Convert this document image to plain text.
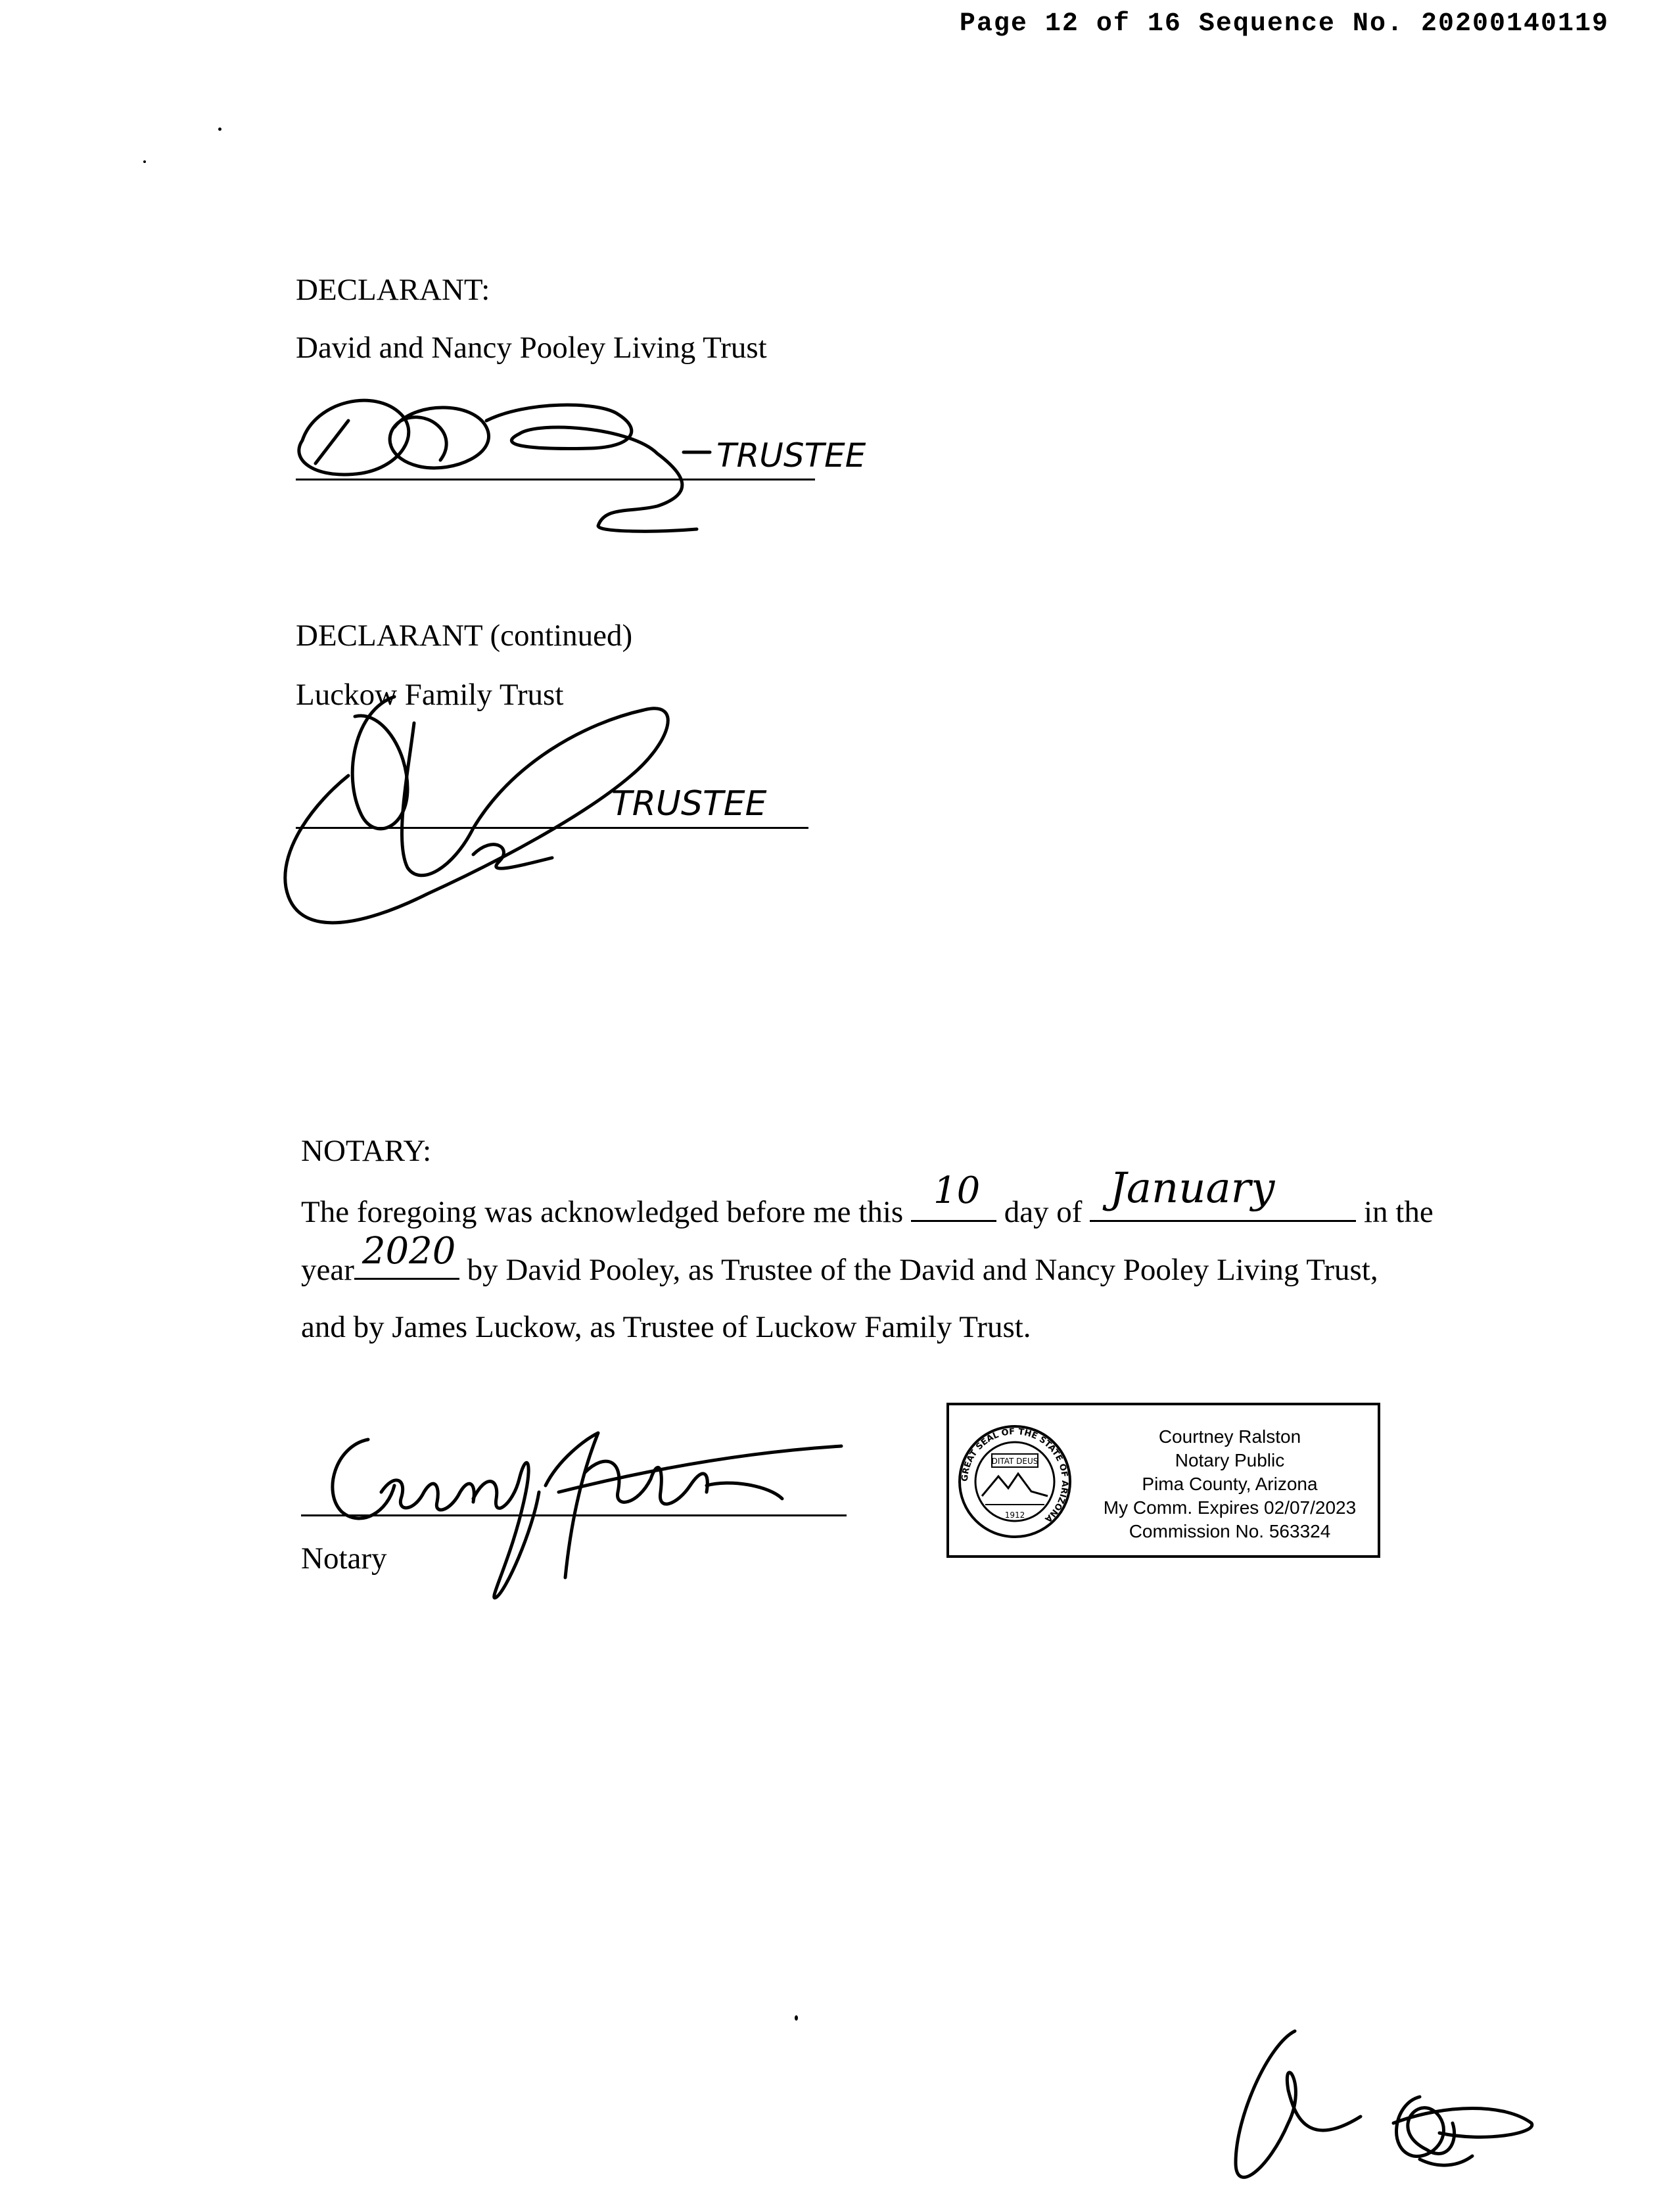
Page 12 of 16 Sequence No. 20200140119
DECLARANT:
David and Nancy Pooley Living Trust
TRUSTEE
DECLARANT (continued)
Luckow Family Trust
TRUSTEE
NOTARY:
The foregoing was acknowledged before me this 10 day of January	in the
year 2020 by David Pooley, as Trustee of the David and Nancy Pooley Living Trust,
and by James Luckow, as Trustee of Luckow Family Trust.
Notary
GREAT SEAL OF THE STATE OF ARIZONA
DITAT DEUS
1912
Courtney Ralston
Notary Public
Pima County, Arizona
My Comm. Expires 02/07/2023
Commission No. 563324
